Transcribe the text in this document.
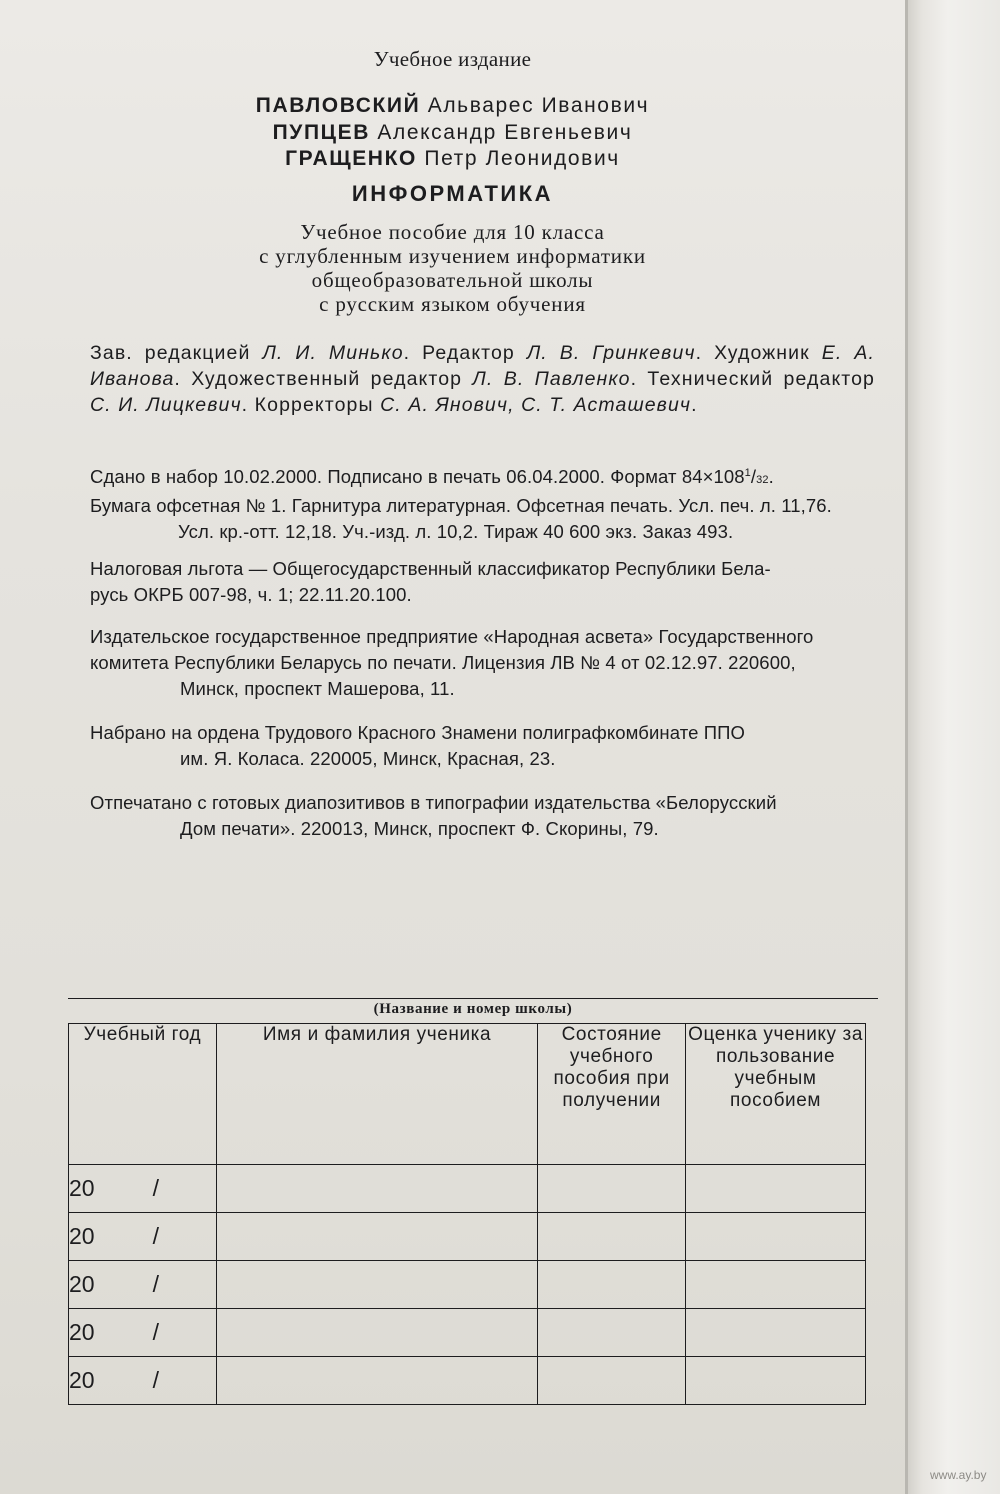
Учебное издание
ПАВЛОВСКИЙ Альварес Иванович
ПУПЦЕВ Александр Евгеньевич
ГРАЩЕНКО Петр Леонидович
ИНФОРМАТИКА
Учебное пособие для 10 класса
с углубленным изучением информатики
общеобразовательной школы
с русским языком обучения
Зав. редакцией Л. И. Минько. Редактор Л. В. Гринкевич. Художник Е. А. Иванова. Художественный редактор Л. В. Павленко. Технический редактор С. И. Лицкевич. Корректоры С. А. Янович, С. Т. Асташевич.
Сдано в набор 10.02.2000. Подписано в печать 06.04.2000. Формат $84\times 108^1/32$.
Бумага офсетная № 1. Гарнитура литературная. Офсетная печать. Усл. печ. л. 11,76.
Усл. кр.-отт. 12,18. Уч.-изд. л. 10,2. Тираж 40 600 экз. Заказ 493.
Налоговая льгота — Общегосударственный классификатор Республики Бела-
русь ОКРБ 007-98, ч. 1; 22.11.20.100.
Издательское государственное предприятие «Народная асвета» Государственного
комитета Республики Беларусь по печати. Лицензия ЛВ № 4 от 02.12.97. 220600,
Минск, проспект Машерова, 11.
Набрано на ордена Трудового Красного Знамени полиграфкомбинате ППО
им. Я. Коласа. 220005, Минск, Красная, 23.
Отпечатано с готовых диапозитивов в типографии издательства «Белорусский
Дом печати». 220013, Минск, проспект Ф. Скорины, 79.
(Название и номер школы)
Учебный год	Имя и фамилия ученика	Состояние учебного пособия при получении	Оценка ученику за пользование учебным пособием
20 /			
20 /			
20 /			
20 /			
20 /			
www.ay.by
